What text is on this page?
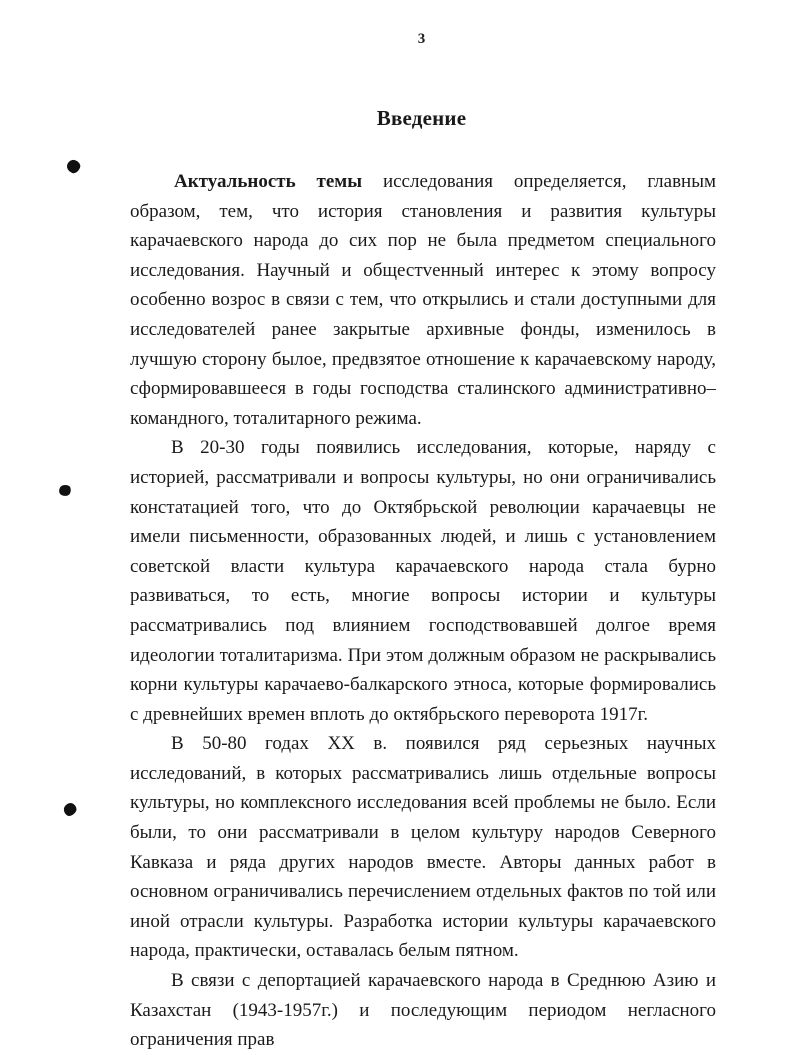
3
Введение

Актуальность темы исследования определяется, главным образом, тем, что история становления и развития культуры карачаевского народа до сих пор не была предметом специального исследования. Научный и общестvенный интерес к этому вопросу особенно возрос в связи с тем, что открылись и стали доступными для исследователей ранее закрытые архивные фонды, изменилось в лучшую сторону былое, предвзятое отношение к карачаевскому народу, сформировавшееся в годы господства сталинского административно–командного, тоталитарного режима.

В 20-30 годы появились исследования, которые, наряду с историей, рассматривали и вопросы культуры, но они ограничивались констатацией того, что до Октябрьской революции карачаевцы не имели письменности, образованных людей, и лишь с установлением советской власти культура карачаевского народа стала бурно развиваться, то есть, многие вопросы истории и культуры рассматривались под влиянием господствовавшей долгое время идеологии тоталитаризма. При этом должным образом не раскрывались корни культуры карачаево-балкарского этноса, которые формировались с древнейших времен вплоть до октябрьского переворота 1917г.

В 50-80 годах XX в. появился ряд серьезных научных исследований, в которых рассматривались лишь отдельные вопросы культуры, но комплексного исследования всей проблемы не было. Если были, то они рассматривали в целом культуру народов Северного Кавказа и ряда других народов вместе. Авторы данных работ в основном ограничивались перечислением отдельных фактов по той или иной отрасли культуры. Разработка истории культуры карачаевского народа, практически, оставалась белым пятном.

В связи с депортацией карачаевского народа в Среднюю Азию и Казахстан (1943-1957г.) и последующим периодом негласного ограничения прав
